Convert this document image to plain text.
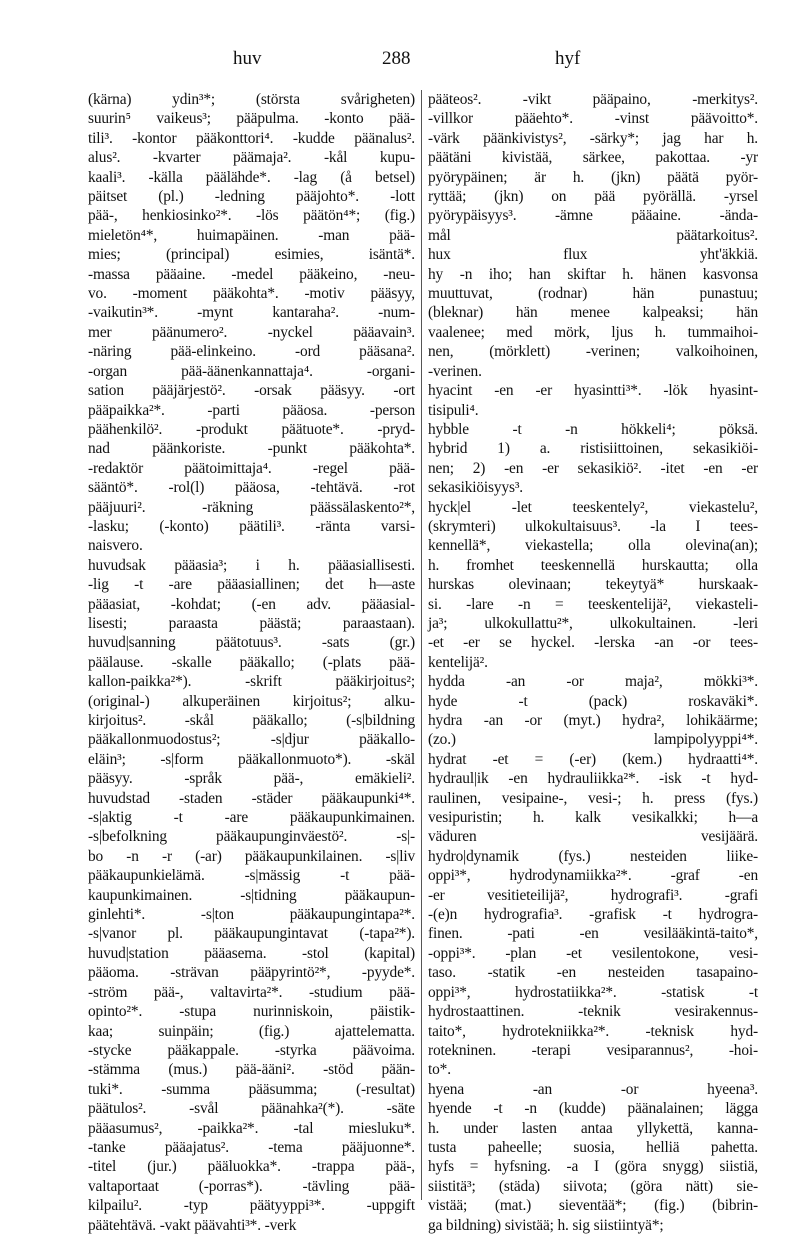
huv	288	hyf
(kärna) ydin³*; (största svårigheten)
suurin⁵ vaikeus³; pääpulma. -konto pää-
tili³. -kontor pääkonttori⁴. -kudde päänalus².
alus². -kvarter päämaja². -kål kupu-
kaali³. -källa päälähde*. -lag (å betsel)
päitset (pl.) -ledning pääjohto*. -lott
pää-, henkiosinko²*. -lös päätön⁴*; (fig.)
mieletön⁴*, huimapäinen. -man pää-
mies; (principal) esimies, isäntä*.
-massa pääaine. -medel pääkeino, -neu-
vo. -moment pääkohta*. -motiv pääsyy,
-vaikutin³*. -mynt kantaraha². -num-
mer päänumero². -nyckel pääavain³.
-näring pää-elinkeino. -ord pääsana².
-organ pää-äänenkannattaja⁴. -organi-
sation pääjärjestö². -orsak pääsyy. -ort
pääpaikka²*. -parti pääosa. -person
päähenkilö². -produkt päätuote*. -pryd-
nad päänkoriste. -punkt pääkohta*.
-redaktör päätoimittaja⁴. -regel pää-
sääntö*. -rol(l) pääosa, -tehtävä. -rot
pääjuuri². -räkning päässälaskento²*,
-lasku; (-konto) päätili³. -ränta varsi-
naisvero.
huvudsak pääasia³; i h. pääasiallisesti.
-lig -t -are pääasiallinen; det h—aste
pääasiat, -kohdat; (-en adv. pääasial-
lisesti; paraasta päästä; paraastaan).
huvud|sanning päätotuus³. -sats (gr.)
päälause. -skalle pääkallo; (-plats pää-
kallon-paikka²*). -skrift pääkirjoitus²;
(original-) alkuperäinen kirjoitus²; alku-
kirjoitus². -skål pääkallo; (-s|bildning
pääkallonmuodostus²; -s|djur pääkallo-
eläin³; -s|form pääkallonmuoto*). -skäl
pääsyy. -språk pää-, emäkieli².
huvudstad -staden -städer pääkaupunki⁴*.
-s|aktig -t -are pääkaupunkimainen.
-s|befolkning pääkaupunginväestö². -s|-
bo -n -r (-ar) pääkaupunkilainen. -s|liv
pääkaupunkielämä. -s|mässig -t pää-
kaupunkimainen. -s|tidning pääkaupun-
ginlehti*. -s|ton pääkaupungintapa²*.
-s|vanor pl. pääkaupungintavat (-tapa²*).
huvud|station pääasema. -stol (kapital)
pääoma. -strävan pääpyrintö²*, -pyyde*.
-ström pää-, valtavirta²*. -studium pää-
opinto²*. -stupa nurinniskoin, päistik-
kaa; suinpäin; (fig.) ajattelematta.
-stycke pääkappale. -styrka päävoima.
-stämma (mus.) pää-ääni². -stöd pään-
tuki*. -summa pääsumma; (-resultat)
päätulos². -svål päänahka²(*). -säte
pääasumus², -paikka²*. -tal miesluku*.
-tanke pääajatus². -tema pääjuonne*.
-titel (jur.) pääluokka*. -trappa pää-,
valtaportaat (-porras*). -tävling pää-
kilpailu². -typ päätyyppi³*. -uppgift
päätehtävä. -vakt päävahti³*. -verk
pääteos². -vikt pääpaino, -merkitys².
-villkor pääehto*. -vinst päävoitto*.
-värk päänkivistys², -särky*; jag har h.
päätäni kivistää, särkee, pakottaa. -yr
pyörypäinen; är h. (jkn) päätä pyör-
ryttää; (jkn) on pää pyörällä. -yrsel
pyörypäisyys³. -ämne pääaine. -ända-
mål päätarkoitus².
hux flux yht'äkkiä.
hy -n iho; han skiftar h. hänen kasvonsa
muuttuvat, (rodnar) hän punastuu;
(bleknar) hän menee kalpeaksi; hän
vaalenee; med mörk, ljus h. tummaihoi-
nen, (mörklett) -verinen; valkoihoinen,
-verinen.
hyacint -en -er hyasintti³*. -lök hyasint-
tisipuli⁴.
hybble -t -n hökkeli⁴; pöksä.
hybrid 1) a. ristisiittoinen, sekasikiöi-
nen; 2) -en -er sekasikiö². -itet -en -er
sekasikiöisyys³.
hyck|el -let teeskentely², viekastelu²,
(skrymteri) ulkokultaisuus³. -la I tees-
kennellä*, viekastella; olla olevina(an);
h. fromhet teeskennellä hurskautta; olla
hurskas olevinaan; tekeytyä* hurskaak-
si. -lare -n = teeskentelijä², viekasteli-
ja³; ulkokullattu²*, ulkokultainen. -leri
-et -er se hyckel. -lerska -an -or tees-
kentelijä².
hydda -an -or maja², mökki³*.
hyde -t (pack) roskaväki*.
hydra -an -or (myt.) hydra², lohikäärme;
(zo.) lampipolyyppi⁴*.
hydrat -et = (-er) (kem.) hydraatti⁴*.
hydraul|ik -en hydrauliikka²*. -isk -t hyd-
raulinen, vesipaine-, vesi-; h. press (fys.)
vesipuristin; h. kalk vesikalkki; h—a
väduren vesijäärä.
hydro|dynamik (fys.) nesteiden liike-
oppi³*, hydrodynamiikka²*. -graf -en
-er vesitieteilijä², hydrografi³. -grafi
-(e)n hydrografia³. -grafisk -t hydrogra-
finen. -pati -en vesilääkintä-taito*,
-oppi³*. -plan -et vesilentokone, vesi-
taso. -statik -en nesteiden tasapaino-
oppi³*, hydrostatiikka²*. -statisk -t
hydrostaattinen. -teknik vesirakennus-
taito*, hydrotekniikka²*. -teknisk hyd-
rotekninen. -terapi vesiparannus², -hoi-
to*.
hyena -an -or hyeena³.
hyende -t -n (kudde) päänalainen; lägga
h. under lasten antaa yllykettä, kanna-
tusta paheelle; suosia, helliä pahetta.
hyfs = hyfsning. -a I (göra snygg) siistiä,
siistitä³; (städa) siivota; (göra nätt) sie-
vistää; (mat.) sieventää*; (fig.) (bibrin-
ga bildning) sivistää; h. sig siistiintyä*;
